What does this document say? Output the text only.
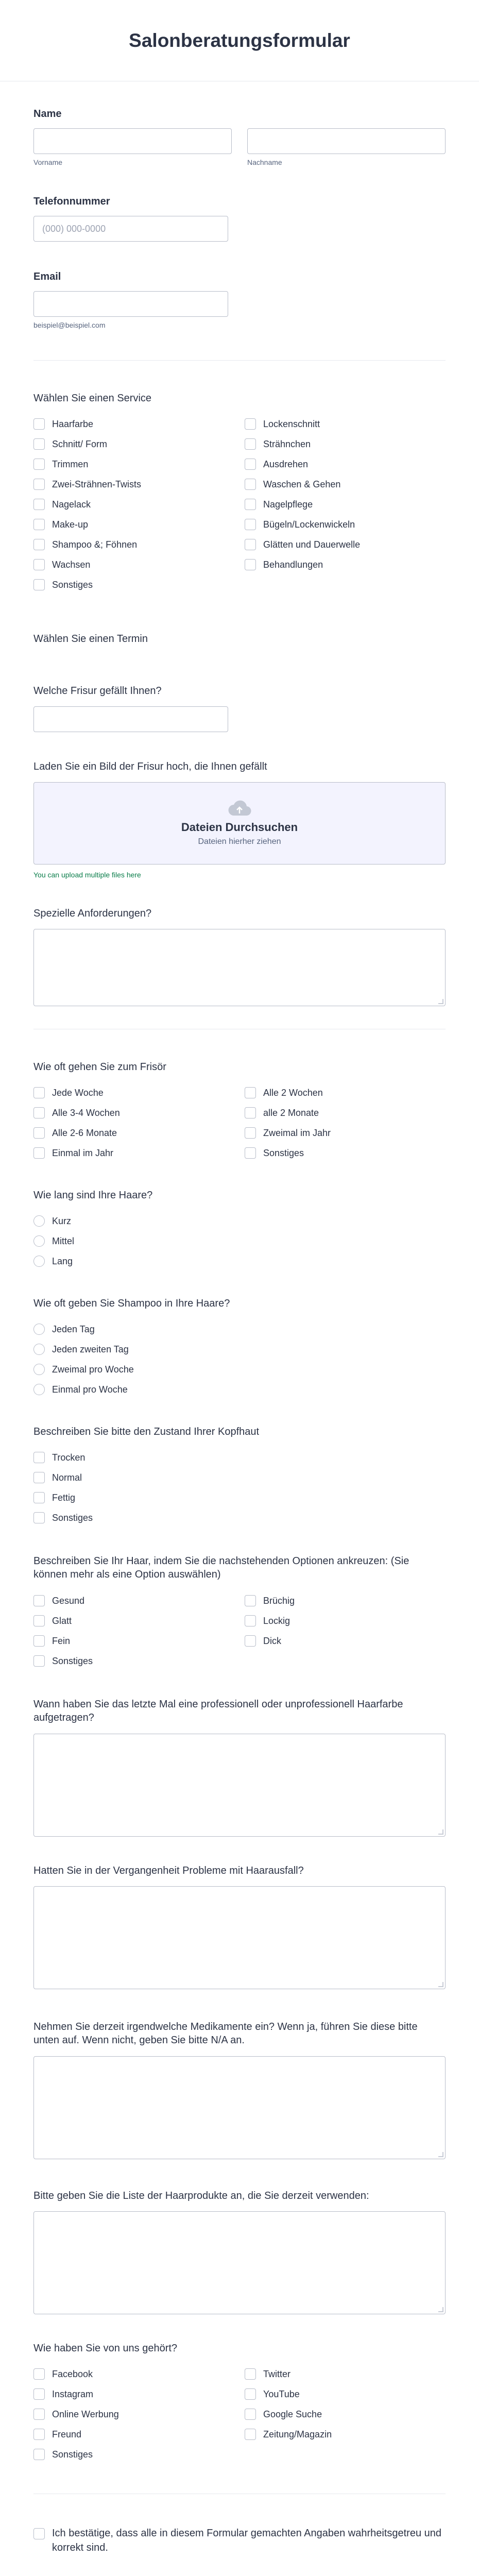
Salonberatungsformular
Name
Vorname	Nachname
Telefonnummer
(000) 000-0000
Email
beispiel@beispiel.com
Wählen Sie einen Service
Haarfarbe	Lockenschnitt
Schnitt/ Form	Strähnchen
Trimmen	Ausdrehen
Zwei-Strähnen-Twists	Waschen & Gehen
Nagelack	Nagelpflege
Make-up	Bügeln/Lockenwickeln
Shampoo &; Föhnen	Glätten und Dauerwelle
Wachsen	Behandlungen
Sonstiges
Wählen Sie einen Termin
Welche Frisur gefällt Ihnen?
Laden Sie ein Bild der Frisur hoch, die Ihnen gefällt
Dateien Durchsuchen
Dateien hierher ziehen
You can upload multiple files here
Spezielle Anforderungen?
Wie oft gehen Sie zum Frisör
Jede Woche	Alle 2 Wochen
Alle 3-4 Wochen	alle 2 Monate
Alle 2-6 Monate	Zweimal im Jahr
Einmal im Jahr	Sonstiges
Wie lang sind Ihre Haare?
Kurz
Mittel
Lang
Wie oft geben Sie Shampoo in Ihre Haare?
Jeden Tag
Jeden zweiten Tag
Zweimal pro Woche
Einmal pro Woche
Beschreiben Sie bitte den Zustand Ihrer Kopfhaut
Trocken
Normal
Fettig
Sonstiges
Beschreiben Sie Ihr Haar, indem Sie die nachstehenden Optionen ankreuzen: (Sie können mehr als eine Option auswählen)
Gesund	Brüchig
Glatt	Lockig
Fein	Dick
Sonstiges
Wann haben Sie das letzte Mal eine professionell oder unprofessionell Haarfarbe aufgetragen?
Hatten Sie in der Vergangenheit Probleme mit Haarausfall?
Nehmen Sie derzeit irgendwelche Medikamente ein? Wenn ja, führen Sie diese bitte unten auf. Wenn nicht, geben Sie bitte N/A an.
Bitte geben Sie die Liste der Haarprodukte an, die Sie derzeit verwenden:
Wie haben Sie von uns gehört?
Facebook	Twitter
Instagram	YouTube
Online Werbung	Google Suche
Freund	Zeitung/Magazin
Sonstiges
Ich bestätige, dass alle in diesem Formular gemachten Angaben wahrheitsgetreu und korrekt sind.
